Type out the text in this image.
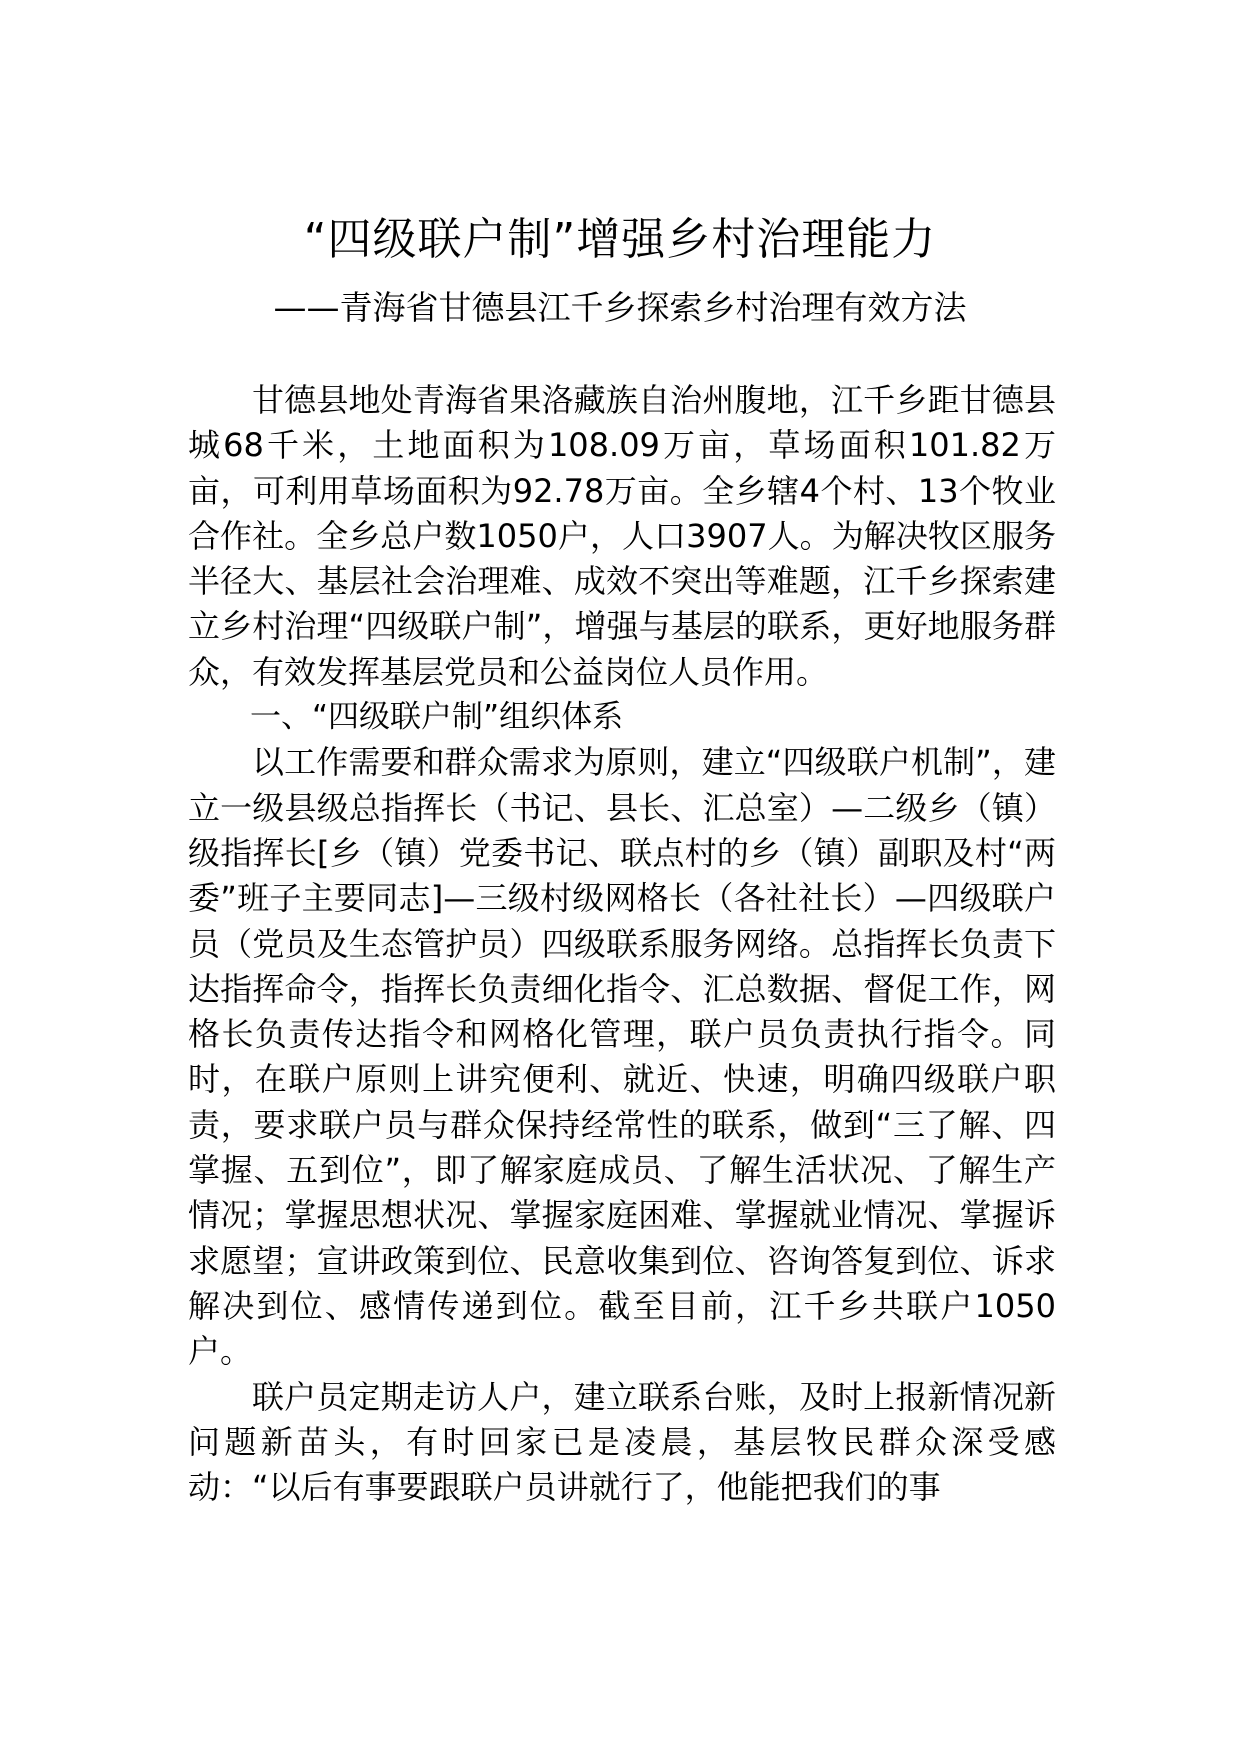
“四级联户制”增强乡村治理能力
——青海省甘德县江千乡探索乡村治理有效方法

甘德县地处青海省果洛藏族自治州腹地，江千乡距甘德县城68千米，土地面积为108.09万亩，草场面积101.82万亩，可利用草场面积为92.78万亩。全乡辖4个村、13个牧业合作社。全乡总户数1050户，人口3907人。为解决牧区服务半径大、基层社会治理难、成效不突出等难题，江千乡探索建立乡村治理“四级联户制”，增强与基层的联系，更好地服务群众，有效发挥基层党员和公益岗位人员作用。

一、“四级联户制”组织体系

以工作需要和群众需求为原则，建立“四级联户机制”，建立一级县级总指挥长（书记、县长、汇总室）—二级乡（镇）级指挥长[乡（镇）党委书记、联点村的乡（镇）副职及村“两委”班子主要同志]—三级村级网格长（各社社长）—四级联户员（党员及生态管护员）四级联系服务网络。总指挥长负责下达指挥命令，指挥长负责细化指令、汇总数据、督促工作，网格长负责传达指令和网格化管理，联户员负责执行指令。同时，在联户原则上讲究便利、就近、快速，明确四级联户职责，要求联户员与群众保持经常性的联系，做到“三了解、四掌握、五到位”，即了解家庭成员、了解生活状况、了解生产情况；掌握思想状况、掌握家庭困难、掌握就业情况、掌握诉求愿望；宣讲政策到位、民意收集到位、咨询答复到位、诉求解决到位、感情传递到位。截至目前，江千乡共联户1050户。

联户员定期走访人户，建立联系台账，及时上报新情况新问题新苗头，有时回家已是凌晨，基层牧民群众深受感动：“以后有事要跟联户员讲就行了，他能把我们的事
